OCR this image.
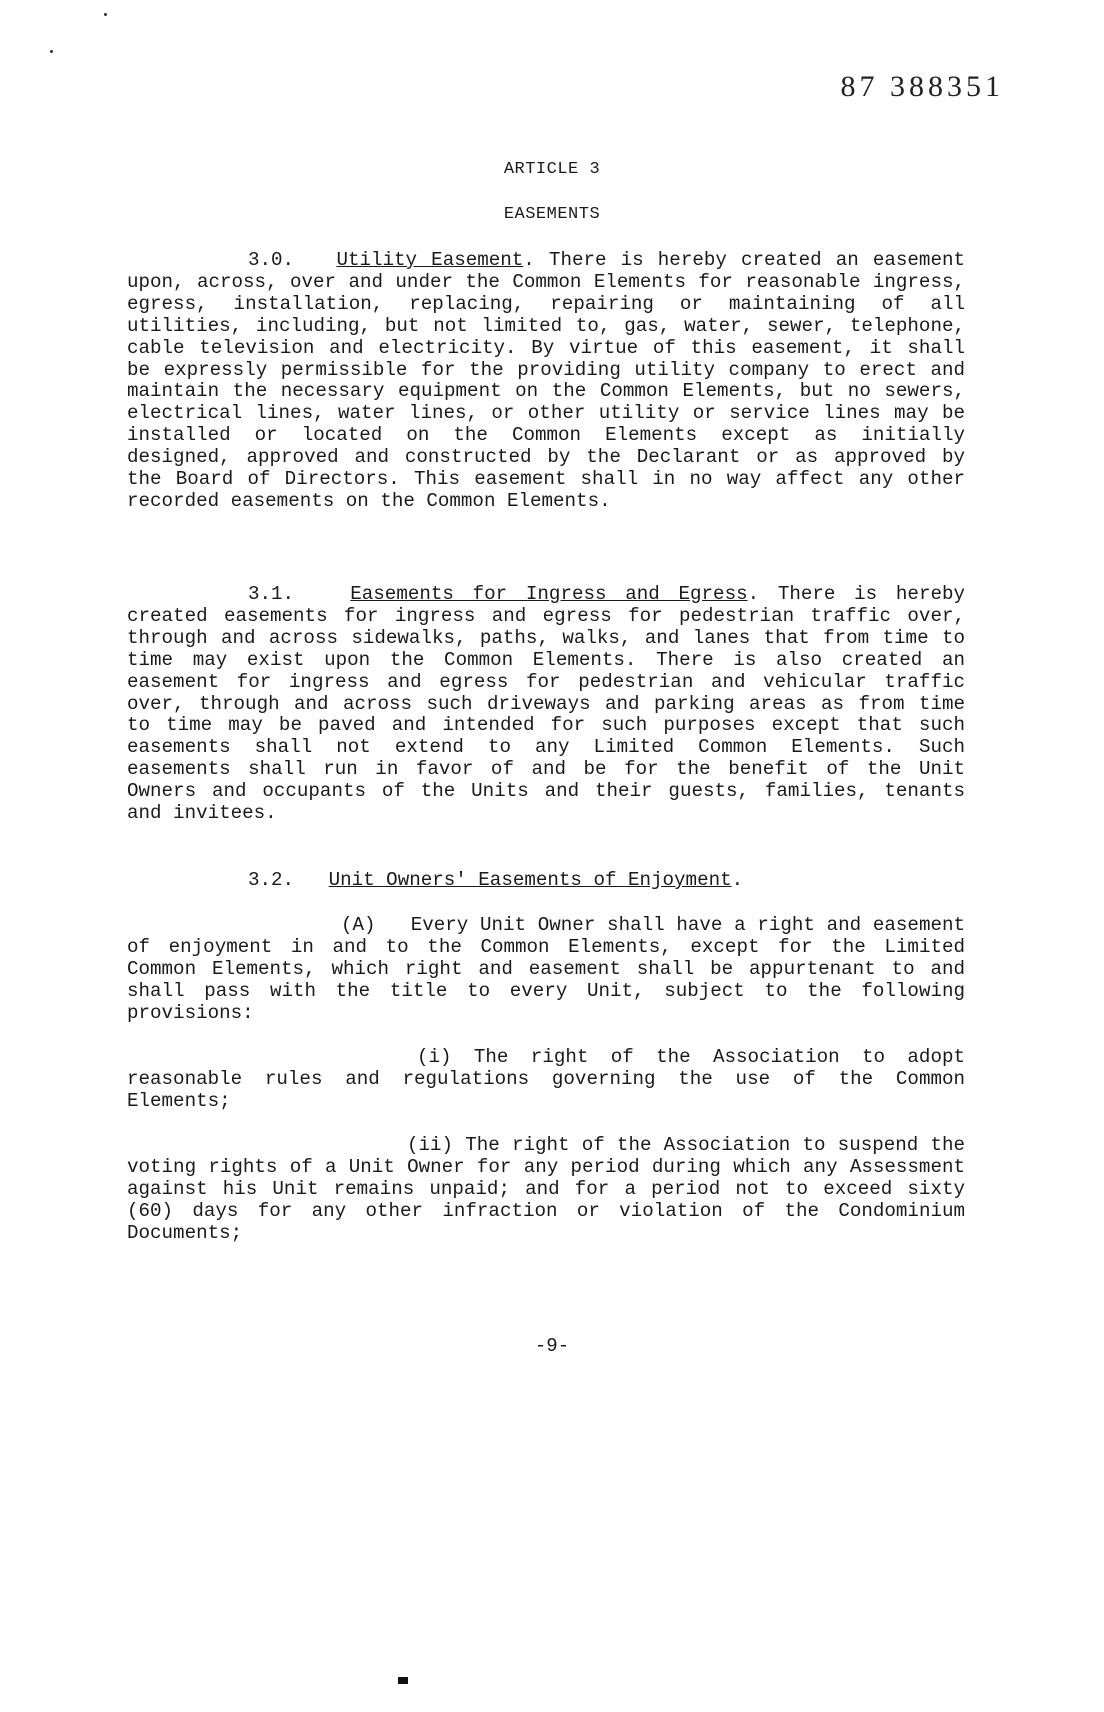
87 388351
ARTICLE 3
EASEMENTS
3.0. Utility Easement. There is hereby created an easement upon, across, over and under the Common Elements for reasonable ingress, egress, installation, replacing, repairing or maintaining of all utilities, including, but not limited to, gas, water, sewer, telephone, cable television and electricity. By virtue of this easement, it shall be expressly permissible for the providing utility company to erect and maintain the necessary equipment on the Common Elements, but no sewers, electrical lines, water lines, or other utility or service lines may be installed or located on the Common Elements except as initially designed, approved and constructed by the Declarant or as approved by the Board of Directors. This easement shall in no way affect any other recorded easements on the Common Elements.
3.1.	Easements for Ingress and Egress. There is hereby created easements for ingress and egress for pedestrian traffic over, through and across sidewalks, paths, walks, and lanes that from time to time may exist upon the Common Elements. There is also created an easement for ingress and egress for pedestrian and vehicular traffic over, through and across such driveways and parking areas as from time to time may be paved and intended for such purposes except that such easements shall not extend to any Limited Common Elements. Such easements shall run in favor of and be for the benefit of the Unit Owners and occupants of the Units and their guests, families, tenants and invitees.
3.2. Unit Owners' Easements of Enjoyment.
(A) Every Unit Owner shall have a right and easement of enjoyment in and to the Common Elements, except for the Limited Common Elements, which right and easement shall be appurtenant to and shall pass with the title to every Unit, subject to the following provisions:
(i) The right of the Association to adopt reasonable rules and regulations governing the use of the Common Elements;
(ii) The right of the Association to suspend the voting rights of a Unit Owner for any period during which any Assessment against his Unit remains unpaid; and for a period not to exceed sixty (60) days for any other infraction or violation of the Condominium Documents;
-9-
